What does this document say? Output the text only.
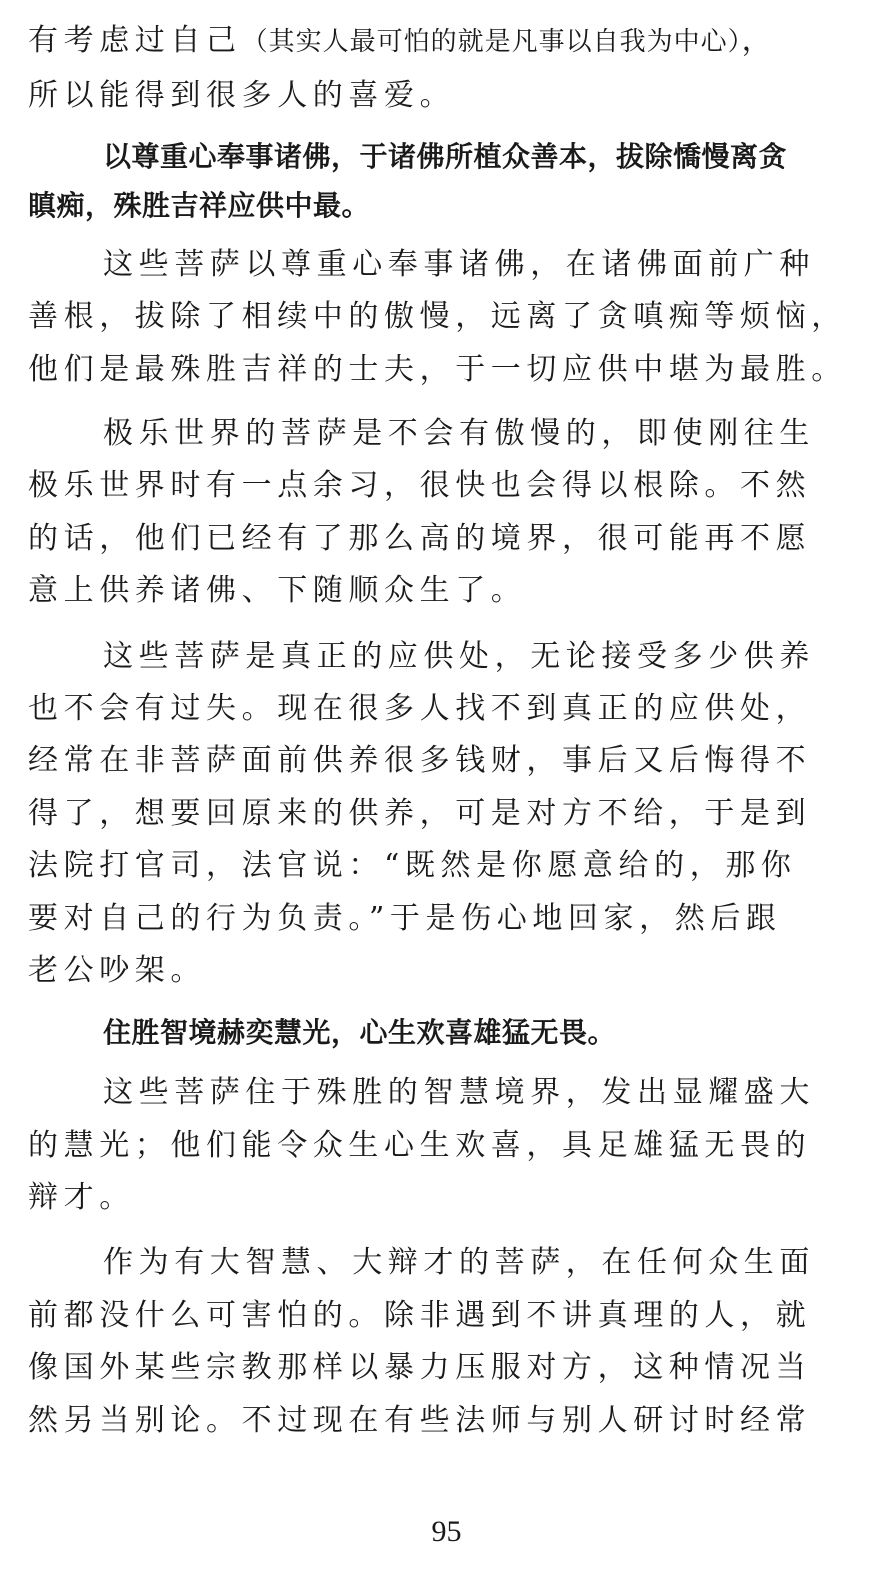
有考虑过自己（其实人最可怕的就是凡事以自我为中心），
所以能得到很多人的喜爱。
以尊重心奉事诸佛，于诸佛所植众善本，拔除憍慢离贪
瞋痴，殊胜吉祥应供中最。
这些菩萨以尊重心奉事诸佛，在诸佛面前广种
善根，拔除了相续中的傲慢，远离了贪嗔痴等烦恼，
他们是最殊胜吉祥的士夫，于一切应供中堪为最胜。
极乐世界的菩萨是不会有傲慢的，即使刚往生
极乐世界时有一点余习，很快也会得以根除。不然
的话，他们已经有了那么高的境界，很可能再不愿
意上供养诸佛、下随顺众生了。
这些菩萨是真正的应供处，无论接受多少供养
也不会有过失。现在很多人找不到真正的应供处，
经常在非菩萨面前供养很多钱财，事后又后悔得不
得了，想要回原来的供养，可是对方不给，于是到
法院打官司，法官说：“既然是你愿意给的，那你
要对自己的行为负责。”于是伤心地回家，然后跟
老公吵架。
住胜智境赫奕慧光，心生欢喜雄猛无畏。
这些菩萨住于殊胜的智慧境界，发出显耀盛大
的慧光；他们能令众生心生欢喜，具足雄猛无畏的
辩才。
作为有大智慧、大辩才的菩萨，在任何众生面
前都没什么可害怕的。除非遇到不讲真理的人，就
像国外某些宗教那样以暴力压服对方，这种情况当
然另当别论。不过现在有些法师与别人研讨时经常
95
